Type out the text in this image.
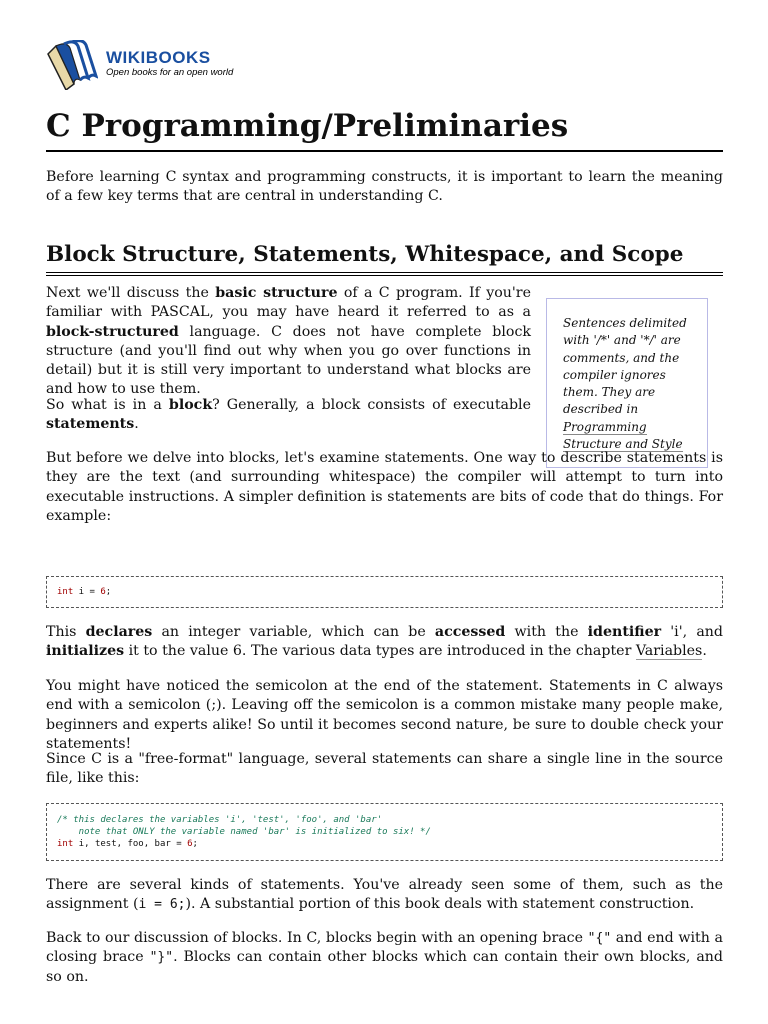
WIKIBOOKS
Open books for an open world
C Programming/Preliminaries

Before learning C syntax and programming constructs, it is important to learn the meaning of a few key terms that are central in understanding C.

Block Structure, Statements, Whitespace, and Scope
Sentences delimited with '/*' and '*/' are comments, and the compiler ignores them. They are described in Programming Structure and Style

Next we'll discuss the basic structure of a C program. If you're familiar with PASCAL, you may have heard it referred to as a block-structured language. C does not have complete block structure (and you'll find out why when you go over functions in detail) but it is still very important to understand what blocks are and how to use them.

So what is in a block? Generally, a block consists of executable statements.

But before we delve into blocks, let's examine statements. One way to describe statements is they are the text (and surrounding whitespace) the compiler will attempt to turn into executable instructions. A simpler definition is statements are bits of code that do things. For example:

int i = 6;

This declares an integer variable, which can be accessed with the identifier 'i', and initializes it to the value 6. The various data types are introduced in the chapter Variables.

You might have noticed the semicolon at the end of the statement. Statements in C always end with a semicolon (;). Leaving off the semicolon is a common mistake many people make, beginners and experts alike! So until it becomes second nature, be sure to double check your statements!

Since C is a "free-format" language, several statements can share a single line in the source file, like this:

/* this declares the variables 'i', 'test', 'foo', and 'bar'
note that ONLY the variable named 'bar' is initialized to six! */
int i, test, foo, bar = 6;

There are several kinds of statements. You've already seen some of them, such as the assignment (i = 6;). A substantial portion of this book deals with statement construction.

Back to our discussion of blocks. In C, blocks begin with an opening brace "{" and end with a closing brace "}". Blocks can contain other blocks which can contain their own blocks, and so on.
